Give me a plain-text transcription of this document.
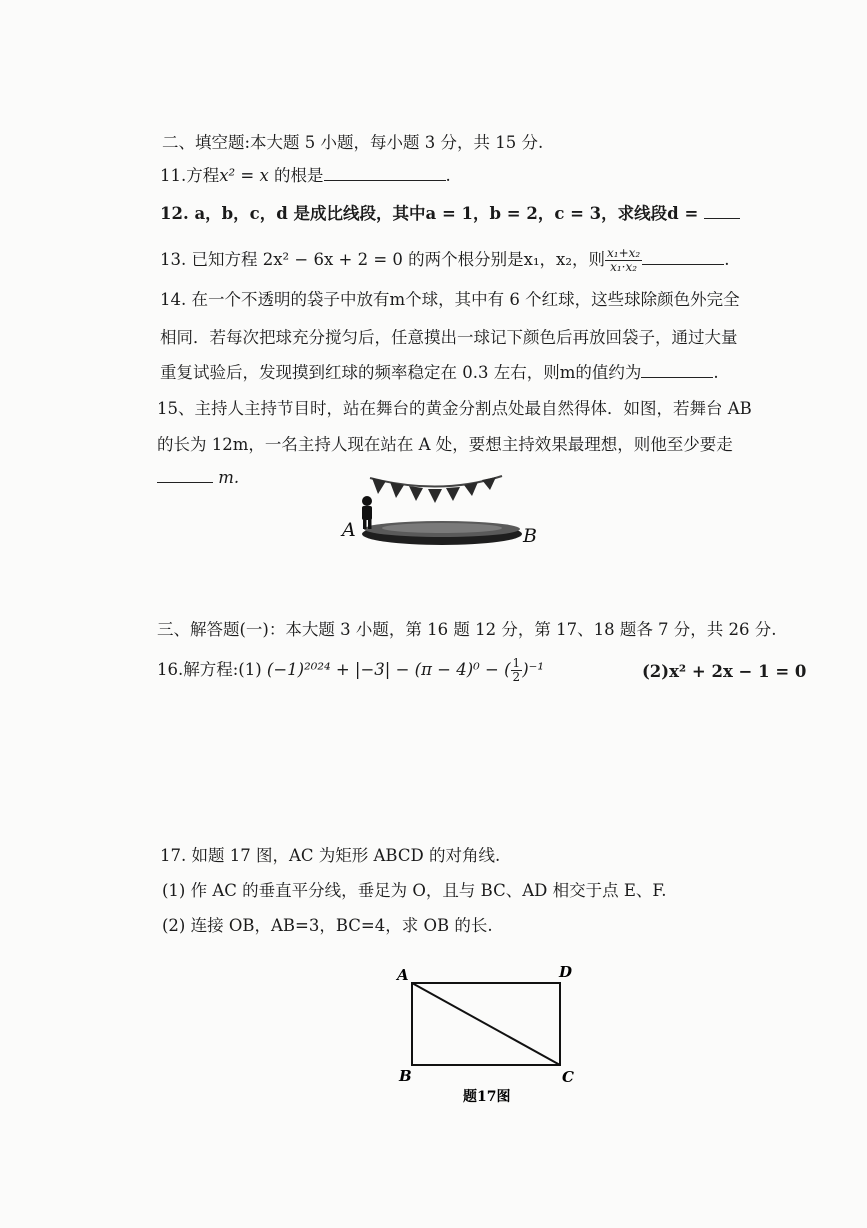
二、填空题:本大题 5 小题，每小题 3 分，共 15 分.
11.方程x² = x 的根是	.
12. a，b，c，d 是成比线段，其中a = 1，b = 2，c = 3，求线段d =
13. 已知方程 2x² − 6x + 2 = 0 的两个根分别是x₁，x₂，则 $\frac{\text{x₁+x₂}}{\text{x₁·x₂}}$	.
14. 在一个不透明的袋子中放有m个球，其中有 6 个红球，这些球除颜色外完全
相同．若每次把球充分搅匀后，任意摸出一球记下颜色后再放回袋子，通过大量
重复试验后，发现摸到红球的频率稳定在 0.3 左右，则m的值约为	.
15、主持人主持节目时，站在舞台的黄金分割点处最自然得体．如图，若舞台 AB
的长为 12m，一名主持人现在站在 A 处，要想主持效果最理想，则他至少要走
m.
A	B
三、解答题(一)：本大题 3 小题，第 16 题 12 分，第 17、18 题各 7 分，共 26 分.
16.解方程:(1) (−1)²⁰²⁴ + |−3| − (π − 4)⁰ − ( $\frac{1}{2} )^{-1}$	(2)x² + 2x − 1 = 0
17. 如题 17 图，AC 为矩形 ABCD 的对角线.
(1) 作 AC 的垂直平分线，垂足为 O，且与 BC、AD 相交于点 E、F.
(2) 连接 OB，AB=3，BC=4，求 OB 的长.
A	D
B	C
题17图
